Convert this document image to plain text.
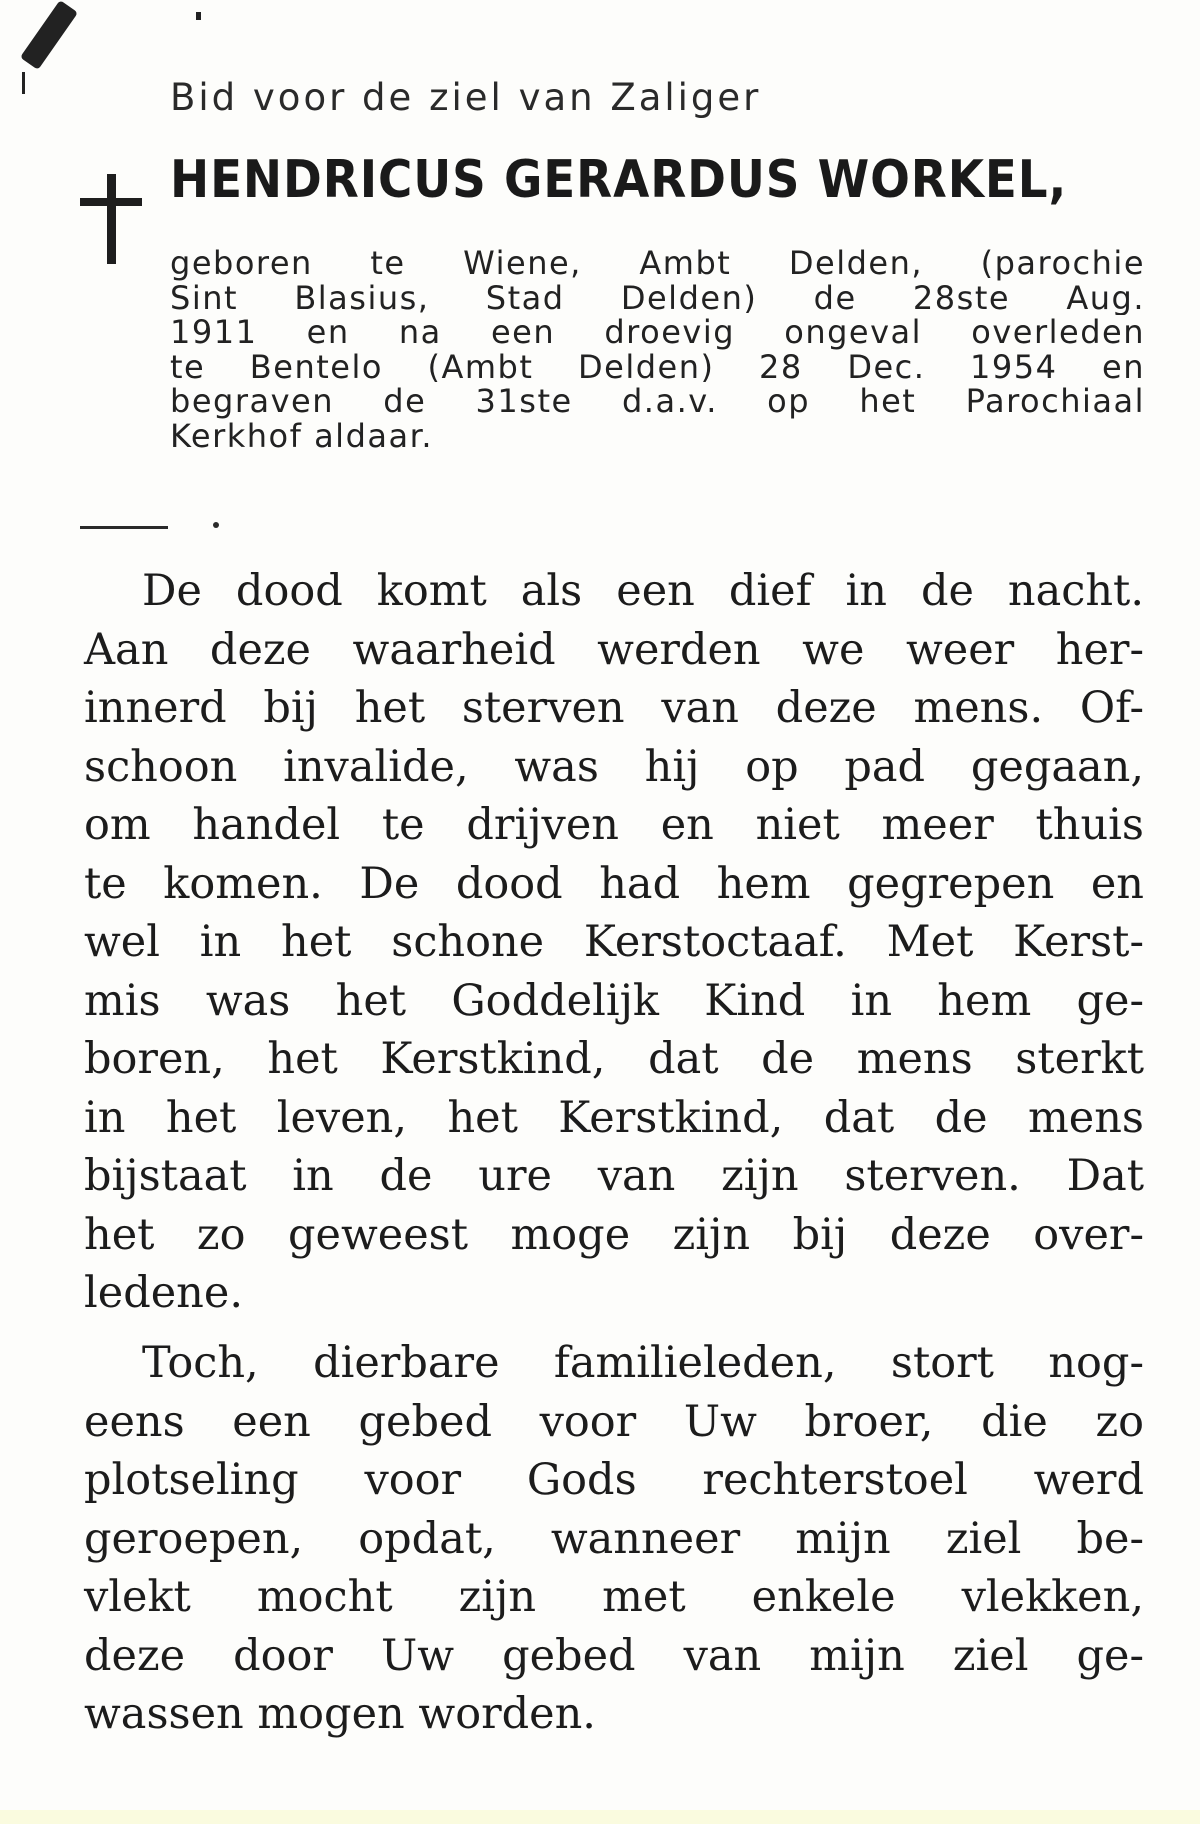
Bid voor de ziel van Zaliger
HENDRICUS GERARDUS WORKEL,
geboren te Wiene, Ambt Delden, (parochie
Sint Blasius, Stad Delden) de 28ste Aug.
1911 en na een droevig ongeval overleden
te Bentelo (Ambt Delden) 28 Dec. 1954 en
begraven de 31ste d.a.v. op het Parochiaal
Kerkhof aldaar.
De dood komt als een dief in de nacht.
Aan deze waarheid werden we weer her-
innerd bij het sterven van deze mens. Of-
schoon invalide, was hij op pad gegaan,
om handel te drijven en niet meer thuis
te komen. De dood had hem gegrepen en
wel in het schone Kerstoctaaf. Met Kerst-
mis was het Goddelijk Kind in hem ge-
boren, het Kerstkind, dat de mens sterkt
in het leven, het Kerstkind, dat de mens
bijstaat in de ure van zijn sterven. Dat
het zo geweest moge zijn bij deze over-
ledene.
Toch, dierbare familieleden, stort nog-
eens een gebed voor Uw broer, die zo
plotseling voor Gods rechterstoel werd
geroepen, opdat, wanneer mijn ziel be-
vlekt mocht zijn met enkele vlekken,
deze door Uw gebed van mijn ziel ge-
wassen mogen worden.
